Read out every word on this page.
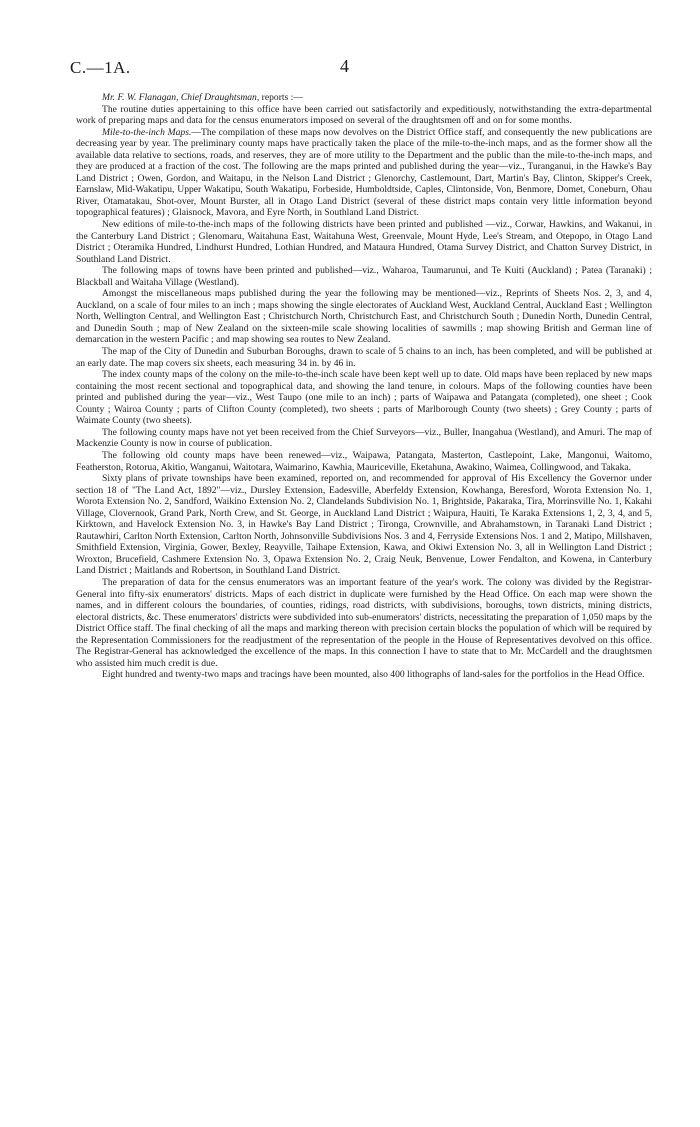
C.—1A.	4

Mr. F. W. Flanagan, Chief Draughtsman, reports :—

The routine duties appertaining to this office have been carried out satisfactorily and expeditiously, notwithstanding the extra-departmental work of preparing maps and data for the census enumerators imposed on several of the draughtsmen off and on for some months.

Mile-to-the-inch Maps.—The compilation of these maps now devolves on the District Office staff, and consequently the new publications are decreasing year by year. The preliminary county maps have practically taken the place of the mile-to-the-inch maps, and as the former show all the available data relative to sections, roads, and reserves, they are of more utility to the Department and the public than the mile-to-the-inch maps, and they are produced at a fraction of the cost. The following are the maps printed and published during the year—viz., Turanganui, in the Hawke's Bay Land District ; Owen, Gordon, and Waitapu, in the Nelson Land District ; Glenorchy, Castlemount, Dart, Martin's Bay, Clinton, Skipper's Creek, Earnslaw, Mid-Wakatipu, Upper Wakatipu, South Wakatipu, Forbeside, Humboldtside, Caples, Clintonside, Von, Benmore, Domet, Coneburn, Ohau River, Otamatakau, Shot-over, Mount Burster, all in Otago Land District (several of these district maps contain very little information beyond topographical features) ; Glaisnock, Mavora, and Eyre North, in Southland Land District.

New editions of mile-to-the-inch maps of the following districts have been printed and published —viz., Corwar, Hawkins, and Wakanui, in the Canterbury Land District ; Glenomaru, Waitahuna East, Waitahuna West, Greenvale, Mount Hyde, Lee's Stream, and Otepopo, in Otago Land District ; Oteramika Hundred, Lindhurst Hundred, Lothian Hundred, and Mataura Hundred, Otama Survey District, and Chatton Survey District, in Southland Land District.

The following maps of towns have been printed and published—viz., Waharoa, Taumarunui, and Te Kuiti (Auckland) ; Patea (Taranaki) ; Blackball and Waitaha Village (Westland).

Amongst the miscellaneous maps published during the year the following may be mentioned—viz., Reprints of Sheets Nos. 2, 3, and 4, Auckland, on a scale of four miles to an inch ; maps showing the single electorates of Auckland West, Auckland Central, Auckland East ; Wellington North, Wellington Central, and Wellington East ; Christchurch North, Christchurch East, and Christchurch South ; Dunedin North, Dunedin Central, and Dunedin South ; map of New Zealand on the sixteen-mile scale showing localities of sawmills ; map showing British and German line of demarcation in the western Pacific ; and map showing sea routes to New Zealand.

The map of the City of Dunedin and Suburban Boroughs, drawn to scale of 5 chains to an inch, has been completed, and will be published at an early date. The map covers six sheets, each measuring 34 in. by 46 in.

The index county maps of the colony on the mile-to-the-inch scale have been kept well up to date. Old maps have been replaced by new maps containing the most recent sectional and topographical data, and showing the land tenure, in colours. Maps of the following counties have been printed and published during the year—viz., West Taupo (one mile to an inch) ; parts of Waipawa and Patangata (completed), one sheet ; Cook County ; Wairoa County ; parts of Clifton County (completed), two sheets ; parts of Marlborough County (two sheets) ; Grey County ; parts of Waimate County (two sheets).

The following county maps have not yet been received from the Chief Surveyors—viz., Buller, Inangahua (Westland), and Amuri. The map of Mackenzie County is now in course of publication.

The following old county maps have been renewed—viz., Waipawa, Patangata, Masterton, Castlepoint, Lake, Mangonui, Waitomo, Featherston, Rotorua, Akitio, Wanganui, Waitotara, Waimarino, Kawhia, Mauriceville, Eketahuna, Awakino, Waimea, Collingwood, and Takaka.

Sixty plans of private townships have been examined, reported on, and recommended for approval of His Excellency the Governor under section 18 of "The Land Act, 1892"—viz., Dursley Extension, Eadesville, Aberfeldy Extension, Kowhanga, Beresford, Worota Extension No. 1, Worota Extension No. 2, Sandford, Waikino Extension No. 2, Clandelands Subdivision No. 1, Brightside, Pakaraka, Tira, Morrinsville No. 1, Kakahi Village, Clovernook, Grand Park, North Crew, and St. George, in Auckland Land District ; Waipura, Hauiti, Te Karaka Extensions 1, 2, 3, 4, and 5, Kirktown, and Havelock Extension No. 3, in Hawke's Bay Land District ; Tironga, Crownville, and Abrahamstown, in Taranaki Land District ; Rautawhiri, Carlton North Extension, Carlton North, Johnsonville Subdivisions Nos. 3 and 4, Ferryside Extensions Nos. 1 and 2, Matipo, Millshaven, Smithfield Extension, Virginia, Gower, Bexley, Reayville, Taihape Extension, Kawa, and Okiwi Extension No. 3, all in Wellington Land District ; Wroxton, Brucefield, Cashmere Extension No. 3, Opawa Extension No. 2, Craig Neuk, Benvenue, Lower Fendalton, and Kowena, in Canterbury Land District ; Maitlands and Robertson, in Southland Land District.

The preparation of data for the census enumerators was an important feature of the year's work. The colony was divided by the Registrar-General into fifty-six enumerators' districts. Maps of each district in duplicate were furnished by the Head Office. On each map were shown the names, and in different colours the boundaries, of counties, ridings, road districts, with subdivisions, boroughs, town districts, mining districts, electoral districts, &c. These enumerators' districts were subdivided into sub-enumerators' districts, necessitating the preparation of 1,050 maps by the District Office staff. The final checking of all the maps and marking thereon with precision certain blocks the population of which will be required by the Representation Commissioners for the readjustment of the representation of the people in the House of Representatives devolved on this office. The Registrar-General has acknowledged the excellence of the maps. In this connection I have to state that to Mr. McCardell and the draughtsmen who assisted him much credit is due.

Eight hundred and twenty-two maps and tracings have been mounted, also 400 lithographs of land-sales for the portfolios in the Head Office.
